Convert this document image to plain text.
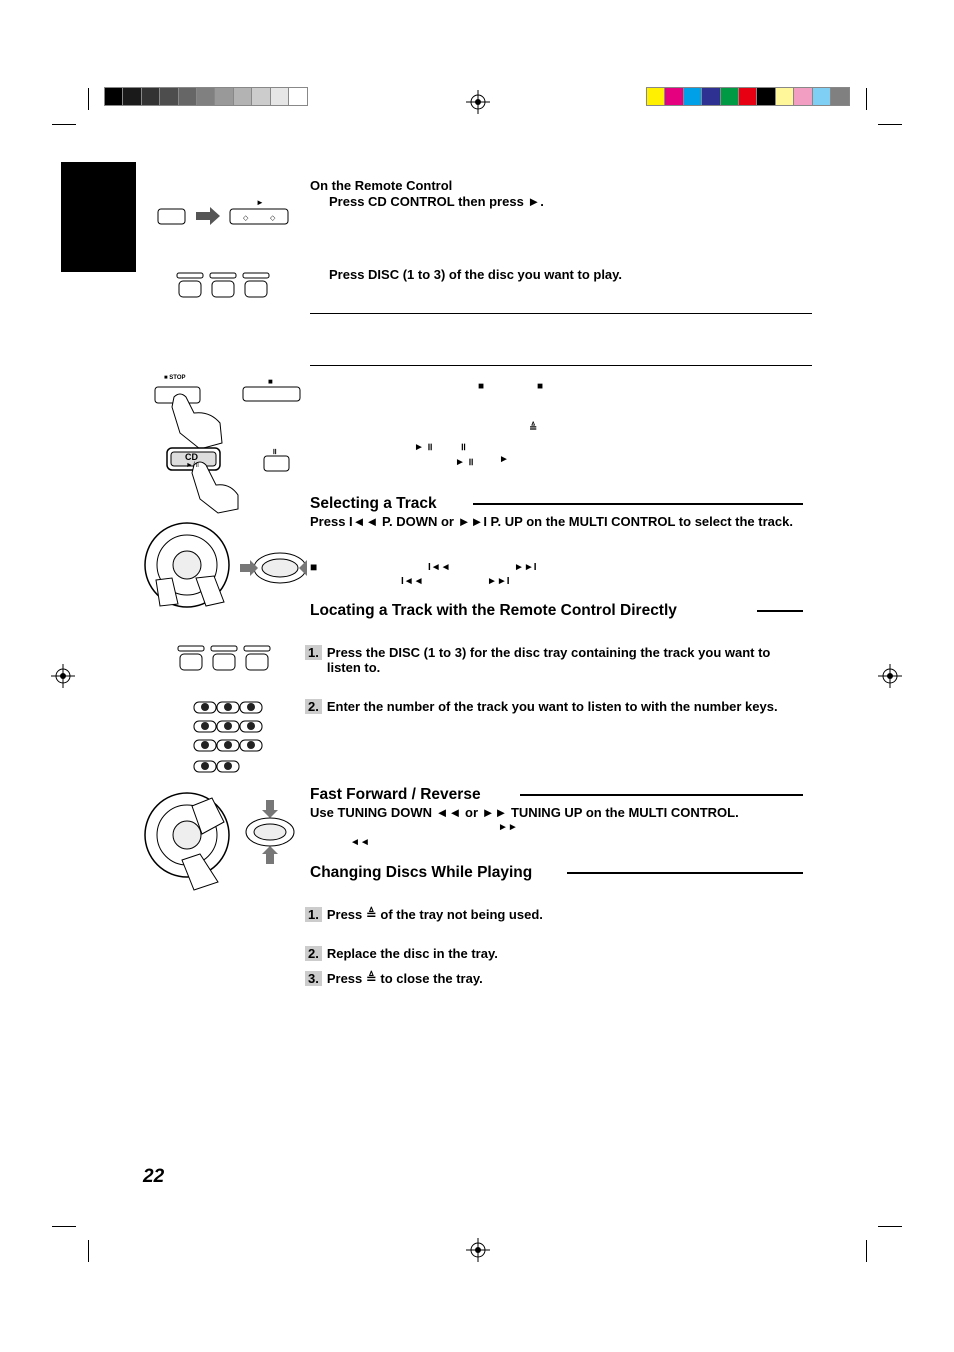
◇	◇
►
On the Remote Control
Press CD CONTROL then press ►.
Press DISC (1 to 3) of the disc you want to play.
■ STOP	■
CD
►/॥
॥
■	■
≜
► ॥	॥
► ॥	►
Selecting a Track
Press I◄◄ P. DOWN or ►►I P. UP on the MULTI CONTROL to select the track.
■	I◄◄	►►I
I◄◄	►►I
Locating a Track with the Remote Control Directly
1. Press the DISC (1 to 3) for the disc tray containing the track you want to listen to.
2. Enter the number of the track you want to listen to with the number keys.
Fast Forward / Reverse
Use TUNING DOWN ◄◄ or ►► TUNING UP on the MULTI CONTROL.
►►
◄◄
Changing Discs While Playing
1. Press ≜ of the tray not being used.
2. Replace the disc in the tray.
3. Press ≜ to close the tray.
22
